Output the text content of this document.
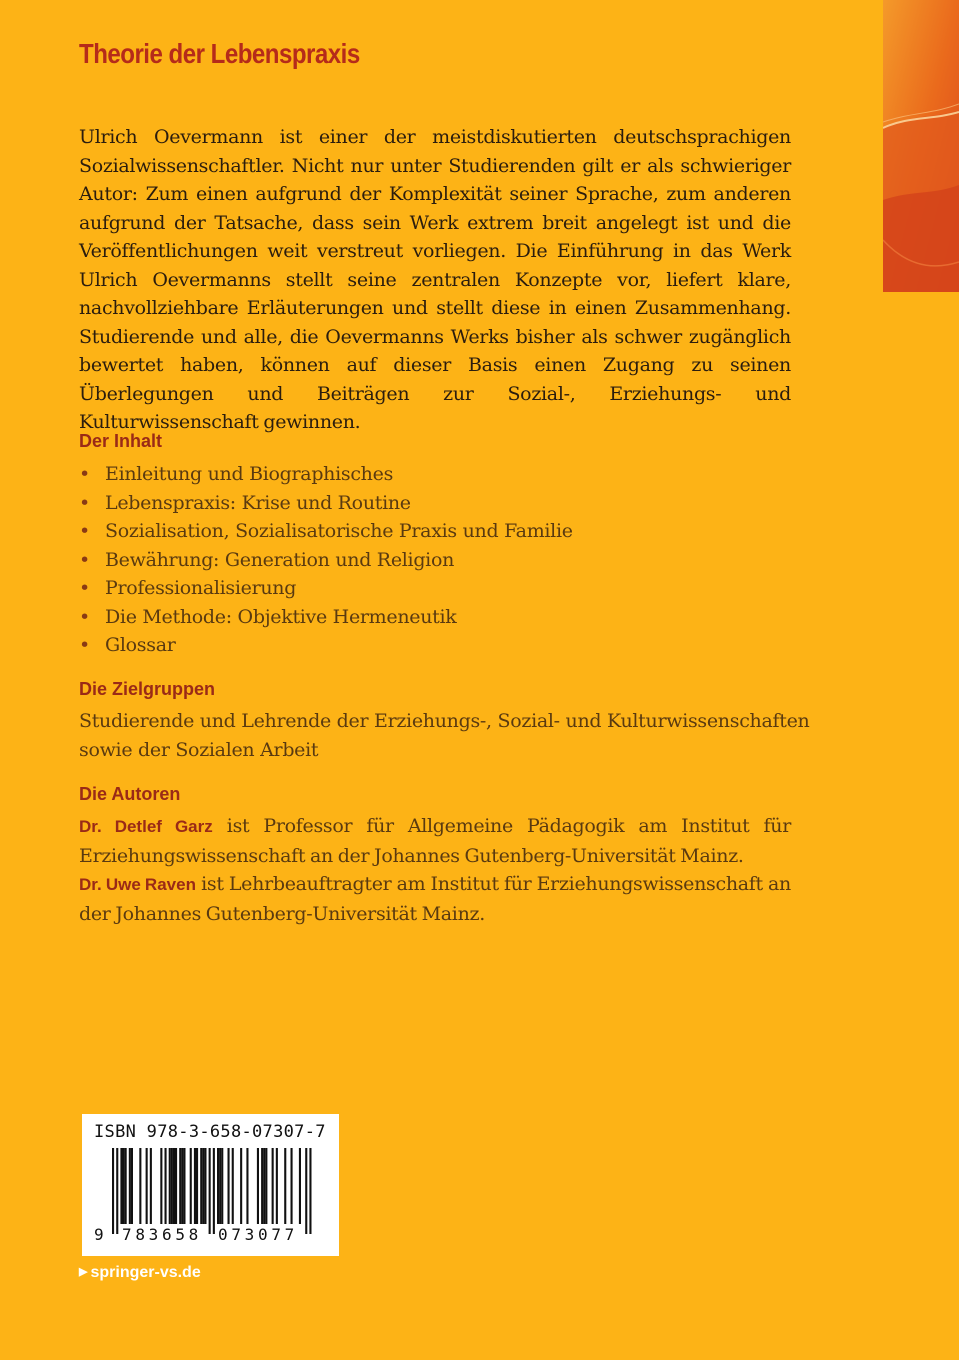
Theorie der Lebenspraxis

Ulrich Oevermann ist einer der meistdiskutierten deutschsprachigen Sozialwissenschaftler. Nicht nur unter Studierenden gilt er als schwieriger Autor: Zum einen aufgrund der Komplexität seiner Sprache, zum anderen aufgrund der Tatsache, dass sein Werk extrem breit angelegt ist und die Veröffentlichungen weit verstreut vorliegen. Die Einführung in das Werk Ulrich Oevermanns stellt seine zentralen Konzepte vor, liefert klare, nachvollziehbare Erläuterungen und stellt diese in einen Zusammenhang. Studierende und alle, die Oevermanns Werks bisher als schwer zugänglich bewertet haben, können auf dieser Basis einen Zugang zu seinen Überlegungen und Beiträgen zur Sozial-, Erziehungs- und Kulturwissenschaft gewinnen.

Der Inhalt
• Einleitung und Biographisches
• Lebenspraxis: Krise und Routine
• Sozialisation, Sozialisatorische Praxis und Familie
• Bewährung: Generation und Religion
• Professionalisierung
• Die Methode: Objektive Hermeneutik
• Glossar
Die Zielgruppen
Studierende und Lehrende der Erziehungs-, Sozial- und Kulturwissenschaften
sowie der Sozialen Arbeit
Die Autoren
Dr. Detlef Garz ist Professor für Allgemeine Pädagogik am Institut für Erziehungswissenschaft an der Johannes Gutenberg-Universität Mainz.
Dr. Uwe Raven ist Lehrbeauftragter am Institut für Erziehungswissenschaft an der Johannes Gutenberg-Universität Mainz.

ISBN 978-3-658-07307-7

9 783658 073077

▶ springer-vs.de
